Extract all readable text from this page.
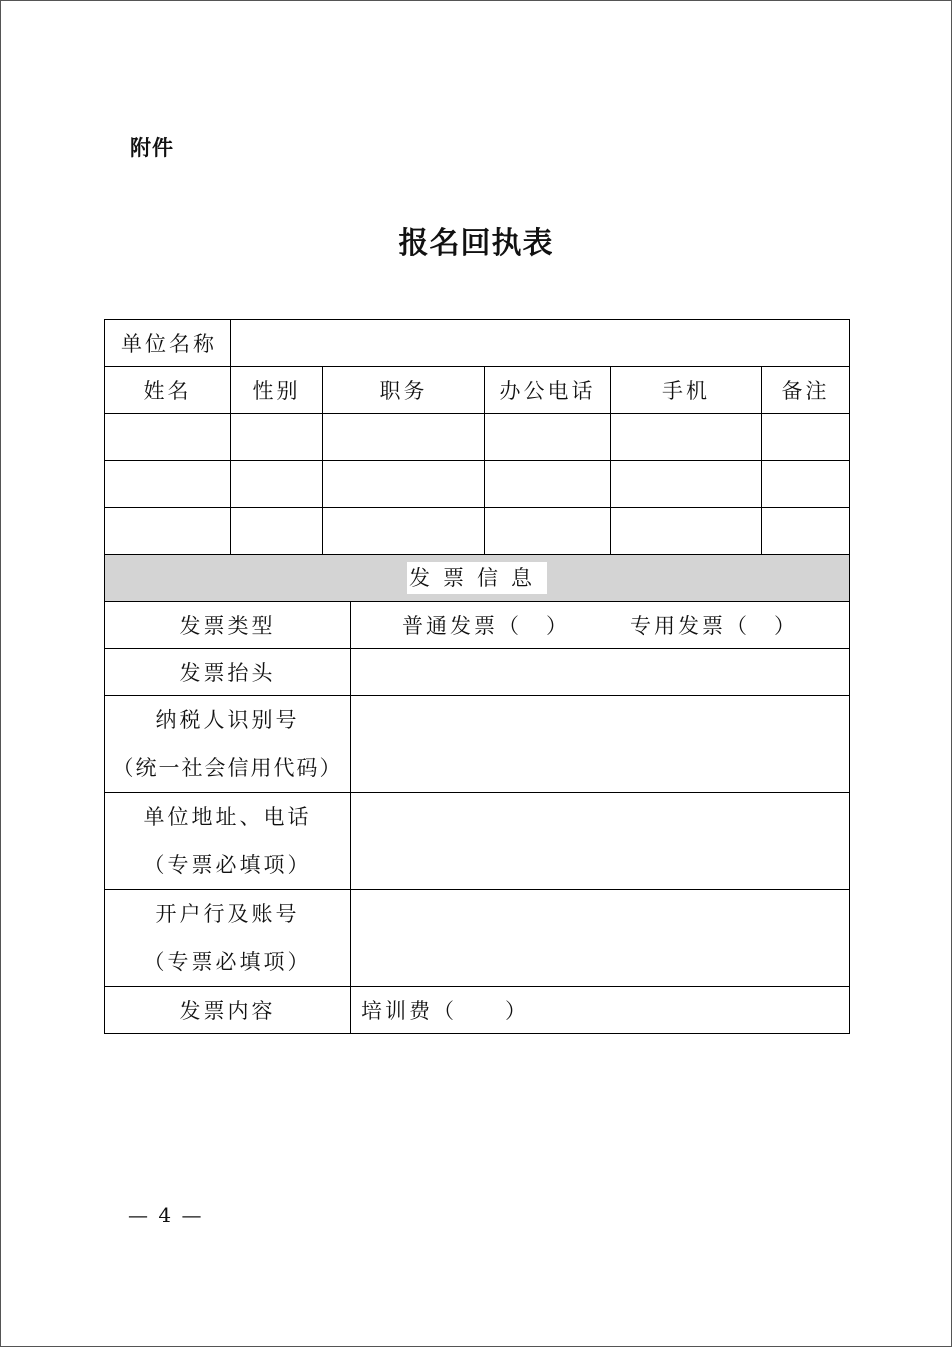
附件
报名回执表
单位名称						
姓名	性别	职务		办公电话	手机	备注

发票信息						
发票类型			普通发票（　） 专用发票（　）			

发票抬头						

纳税人识别号
（统一社会信用代码）						

单位地址、电话
（专票必填项）						

开户行及账号
（专票必填项）						

发票内容			培训费（　　）			
— 4 —
